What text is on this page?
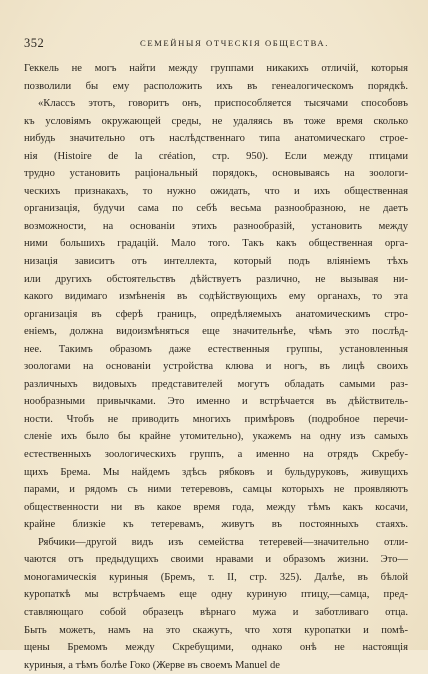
352	СЕМЕЙНЫЯ ОТЧЕСКІЯ ОБЩЕСТВА.
Геккель не могъ найти между группами никакихъ отличій, которыя
позволили бы ему расположить ихъ въ генеалогическомъ порядкѣ.
«Классъ этотъ, говоритъ онъ, приспособляется тысячами способовъ
къ условіямъ окружающей среды, не удаляясь въ тоже время сколько
нибудь значительно отъ наслѣдственнаго типа анатомическаго строе-
нія (Histoire de la création, стр. 950). Если между птицами
трудно установить раціональный порядокъ, основываясь на зоологи-
ческихъ признакахъ, то нужно ожидать, что и ихъ общественная
организація, будучи сама по себѣ весьма разнообразною, не даетъ
возможности, на основаніи этихъ разнообразій, установить между
ними большихъ градацій. Мало того. Такъ какъ общественная орга-
низація зависитъ отъ интеллекта, который подъ вліяніемъ тѣхъ
или другихъ обстоятельствъ дѣйствуетъ различно, не вызывая ни-
какого видимаго измѣненія въ содѣйствующихъ ему органахъ, то эта
организація въ сферѣ границъ, опредѣляемыхъ анатомическимъ стро-
еніемъ, должна видоизмѣняться еще значительнѣе, чѣмъ это послѣд-
нее. Такимъ образомъ даже естественныя группы, установленныя
зоологами на основаніи устройства клюва и ногъ, въ лицѣ своихъ
различныхъ видовыхъ представителей могутъ обладать самыми раз-
нообразными привычками. Это именно и встрѣчается въ дѣйствитель-
ности. Чтобъ не приводить многихъ примѣровъ (подробное перечи-
сленіе ихъ было бы крайне утомительно), укажемъ на одну изъ самыхъ
естественныхъ зоологическихъ группъ, а именно на отрядъ Скребу-
щихъ Брема. Мы найдемъ здѣсь рябковъ и бульдуруковъ, живущихъ
парами, и рядомъ съ ними тетеревовъ, самцы которыхъ не проявляютъ
общественности ни въ какое время года, между тѣмъ какъ косачи,
крайне близкіе къ тетеревамъ, живутъ въ постоянныхъ стаяхъ.
Рябчики—другой видъ изъ семейства тетеревей—значительно отли-
чаются отъ предыдущихъ своими нравами и образомъ жизни. Это—
моногамическія куриныя (Бремъ, т. II, стр. 325). Далѣе, въ бѣлой
куропаткѣ мы встрѣчаемъ еще одну куриную птицу,—самца, пред-
ставляющаго собой образецъ вѣрнаго мужа и заботливаго отца.
Быть можетъ, намъ на это скажутъ, что хотя куропатки и помѣ-
щены Бремомъ между Скребущими, однако онѣ не настоящія
куриныя, а тѣмъ болѣе Гоко (Жерве въ своемъ Manuel de
